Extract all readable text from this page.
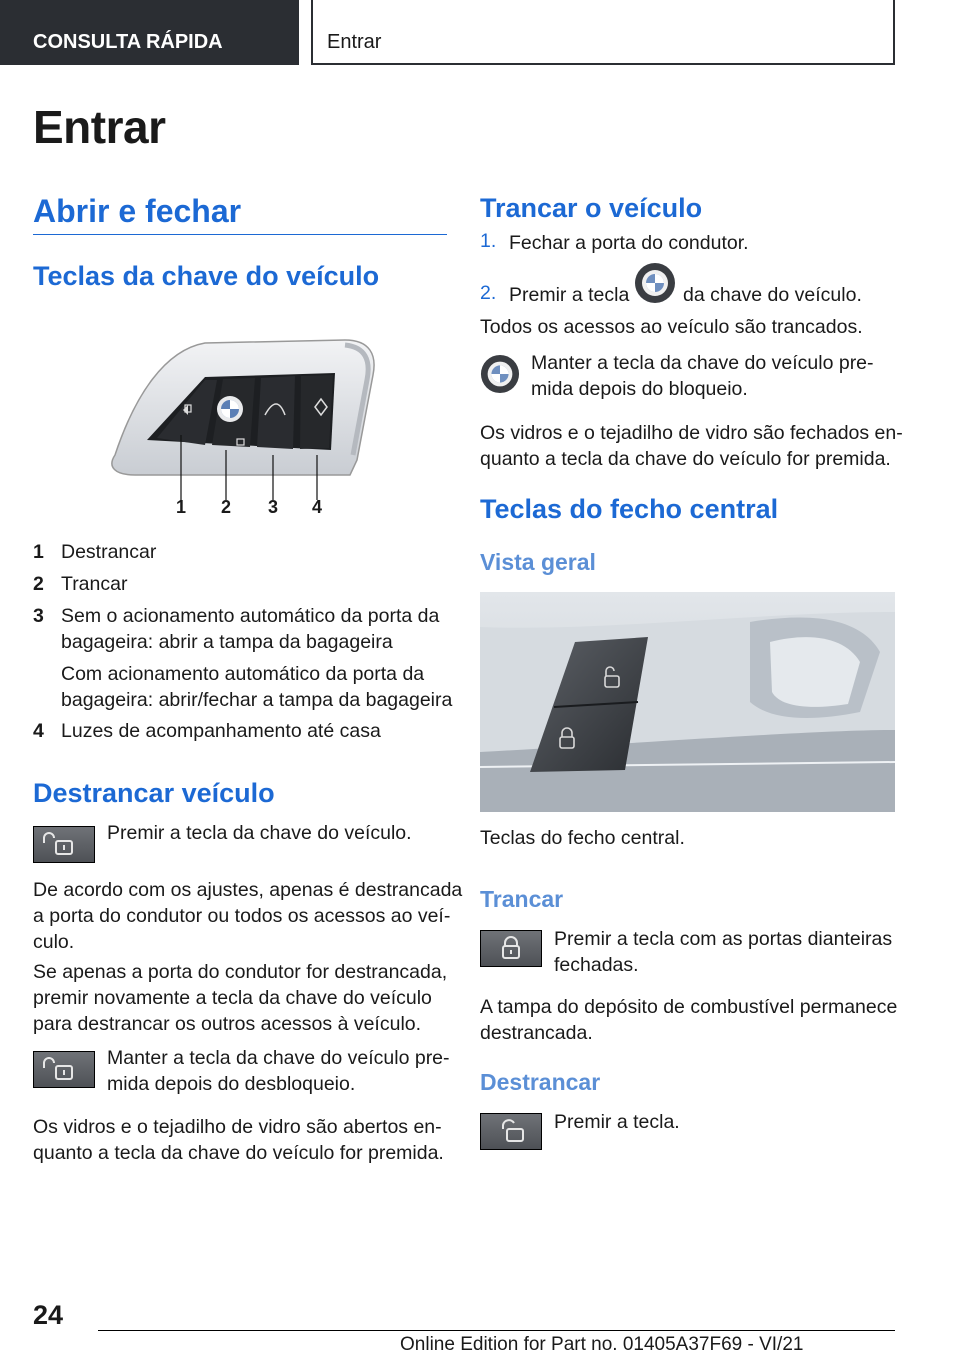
CONSULTA RÁPIDA	Entrar
Entrar
Abrir e fechar
Teclas da chave do veículo
1 2 3 4
1 Destrancar
2 Trancar
3 Sem o acionamento automático da porta da
bagageira: abrir a tampa da bagageira
Com acionamento automático da porta da
bagageira: abrir/fechar a tampa da bagageira
4 Luzes de acompanhamento até casa
Destrancar veículo
Premir a tecla da chave do veículo.
De acordo com os ajustes, apenas é destrancada
a porta do condutor ou todos os acessos ao veí‐
culo.
Se apenas a porta do condutor for destrancada,
premir novamente a tecla da chave do veículo
para destrancar os outros acessos à veículo.
Manter a tecla da chave do veículo pre‐
mida depois do desbloqueio.
Os vidros e o tejadilho de vidro são abertos en‐
quanto a tecla da chave do veículo for premida.
Trancar o veículo
1. Fechar a porta do condutor.
2. Premir a tecla	da chave do veículo.
Todos os acessos ao veículo são trancados.
Manter a tecla da chave do veículo pre‐
mida depois do bloqueio.
Os vidros e o tejadilho de vidro são fechados en‐
quanto a tecla da chave do veículo for premida.
Teclas do fecho central
Vista geral
Teclas do fecho central.
Trancar
Premir a tecla com as portas dianteiras
fechadas.
A tampa do depósito de combustível permanece
destrancada.
Destrancar
Premir a tecla.
24
Online Edition for Part no. 01405A37F69 - VI/21
